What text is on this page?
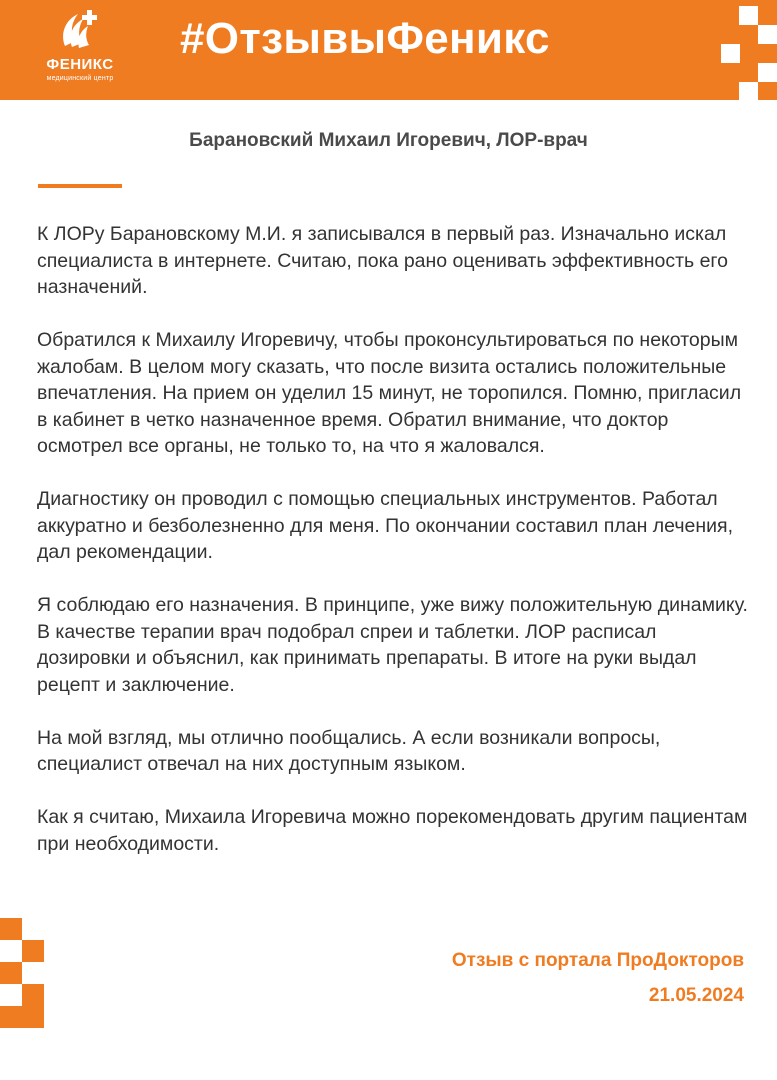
ФЕНИКС
медицинский центр
#ОтзывыФеникс
Барановский Михаил Игоревич, ЛОР-врач

К ЛОРу Барановскому М.И. я записывался в первый раз. Изначально искал специалиста в интернете. Считаю, пока рано оценивать эффективность его назначений.

Обратился к Михаилу Игоревичу, чтобы проконсультироваться по некоторым жалобам. В целом могу сказать, что после визита остались положительные впечатления. На прием он уделил 15 минут, не торопился. Помню, пригласил в кабинет в четко назначенное время. Обратил внимание, что доктор осмотрел все органы, не только то, на что я жаловался.

Диагностику он проводил с помощью специальных инструментов. Работал аккуратно и безболезненно для меня. По окончании составил план лечения, дал рекомендации.

Я соблюдаю его назначения. В принципе, уже вижу положительную динамику. В качестве терапии врач подобрал спреи и таблетки. ЛОР расписал дозировки и объяснил, как принимать препараты. В итоге на руки выдал рецепт и заключение.

На мой взгляд, мы отлично пообщались. А если возникали вопросы, специалист отвечал на них доступным языком.

Как я считаю, Михаила Игоревича можно порекомендовать другим пациентам при необходимости.

Отзыв с портала ПроДокторов
21.05.2024
